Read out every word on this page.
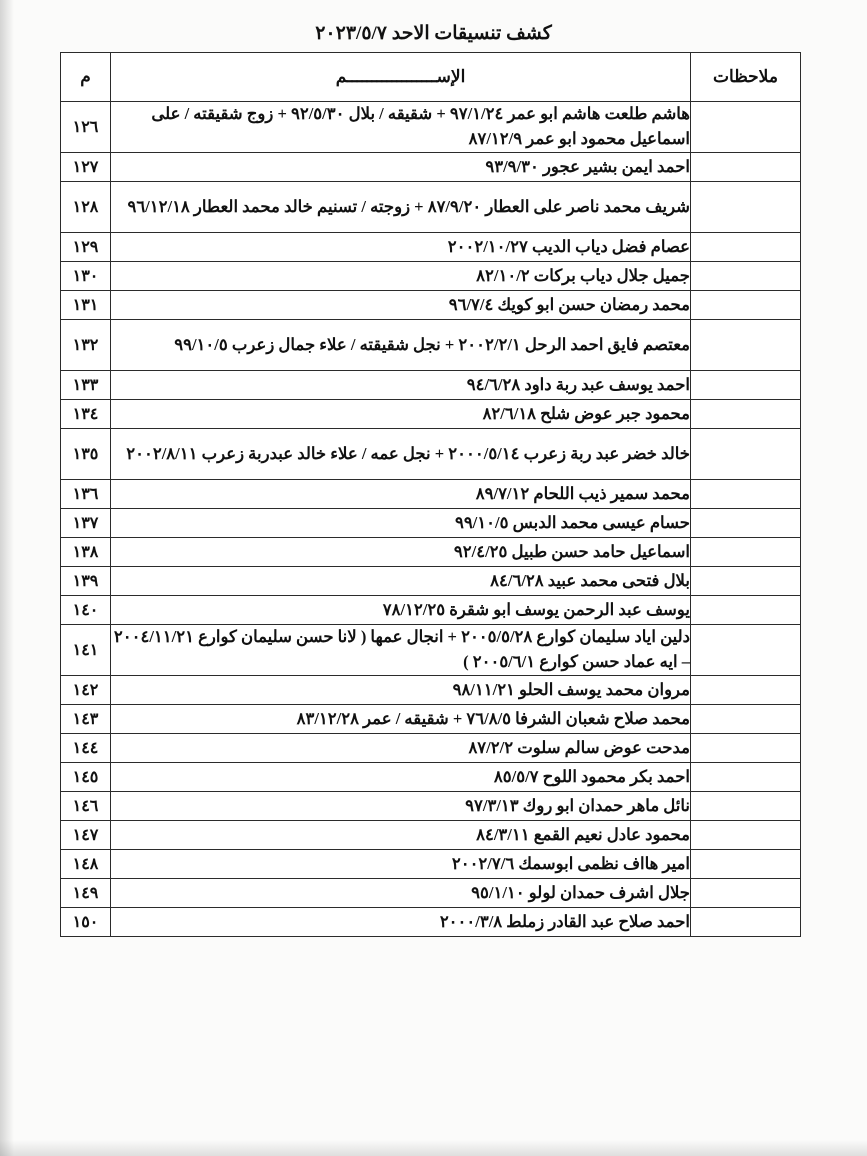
كشف تنسيقات الاحد ٢٠٢٣/٥/٧
ملاحظات	الإســــــــــــــــــم	م

	هاشم طلعت هاشم ابو عمر ٩٧/١/٢٤ + شقيقه / بلال ٩٢/٥/٣٠ + زوج شقيقته / على اسماعيل محمود ابو عمر ٨٧/١٢/٩	١٢٦

	احمد ايمن بشير عجور ٩٣/٩/٣٠	١٢٧

	شريف محمد ناصر على العطار ٨٧/٩/٢٠ + زوجته / تسنيم خالد محمد العطار ٩٦/١٢/١٨	١٢٨

	عصام فضل دياب الديب ٢٠٠٢/١٠/٢٧	١٢٩

	جميل جلال دياب بركات ٨٢/١٠/٢	١٣٠

	محمد رمضان حسن ابو كويك ٩٦/٧/٤	١٣١

	معتصم فايق احمد الرحل ٢٠٠٢/٢/١ + نجل شقيقته / علاء جمال زعرب ٩٩/١٠/٥	١٣٢

	احمد يوسف عبد ربة داود ٩٤/٦/٢٨	١٣٣

	محمود جبر عوض شلح ٨٢/٦/١٨	١٣٤

	خالد خضر عبد ربة زعرب ٢٠٠٠/٥/١٤ + نجل عمه / علاء خالد عبدربة زعرب ٢٠٠٢/٨/١١	١٣٥

	محمد سمير ذيب اللحام ٨٩/٧/١٢	١٣٦

	حسام عيسى محمد الدبس ٩٩/١٠/٥	١٣٧

	اسماعيل حامد حسن طبيل ٩٢/٤/٢٥	١٣٨

	بلال فتحى محمد عبيد ٨٤/٦/٢٨	١٣٩

	يوسف عبد الرحمن يوسف ابو شقرة ٧٨/١٢/٢٥	١٤٠

	دلين اياد سليمان كوارع ٢٠٠٥/٥/٢٨ + انجال عمها ( لانا حسن سليمان كوارع ٢٠٠٤/١١/٢١ – ايه عماد حسن كوارع ٢٠٠٥/٦/١ )	١٤١

	مروان محمد يوسف الحلو ٩٨/١١/٢١	١٤٢

	محمد صلاح شعبان الشرفا ٧٦/٨/٥ + شقيقه / عمر ٨٣/١٢/٢٨	١٤٣

	مدحت عوض سالم سلوت ٨٧/٢/٢	١٤٤

	احمد بكر محمود اللوح ٨٥/٥/٧	١٤٥

	نائل ماهر حمدان ابو روك ٩٧/٣/١٣	١٤٦

	محمود عادل نعيم القمع ٨٤/٣/١١	١٤٧

	امير هااف نظمى ابوسمك ٢٠٠٢/٧/٦	١٤٨

	جلال اشرف حمدان لولو ٩٥/١/١٠	١٤٩

	احمد صلاح عبد القادر زملط ٢٠٠٠/٣/٨	١٥٠
